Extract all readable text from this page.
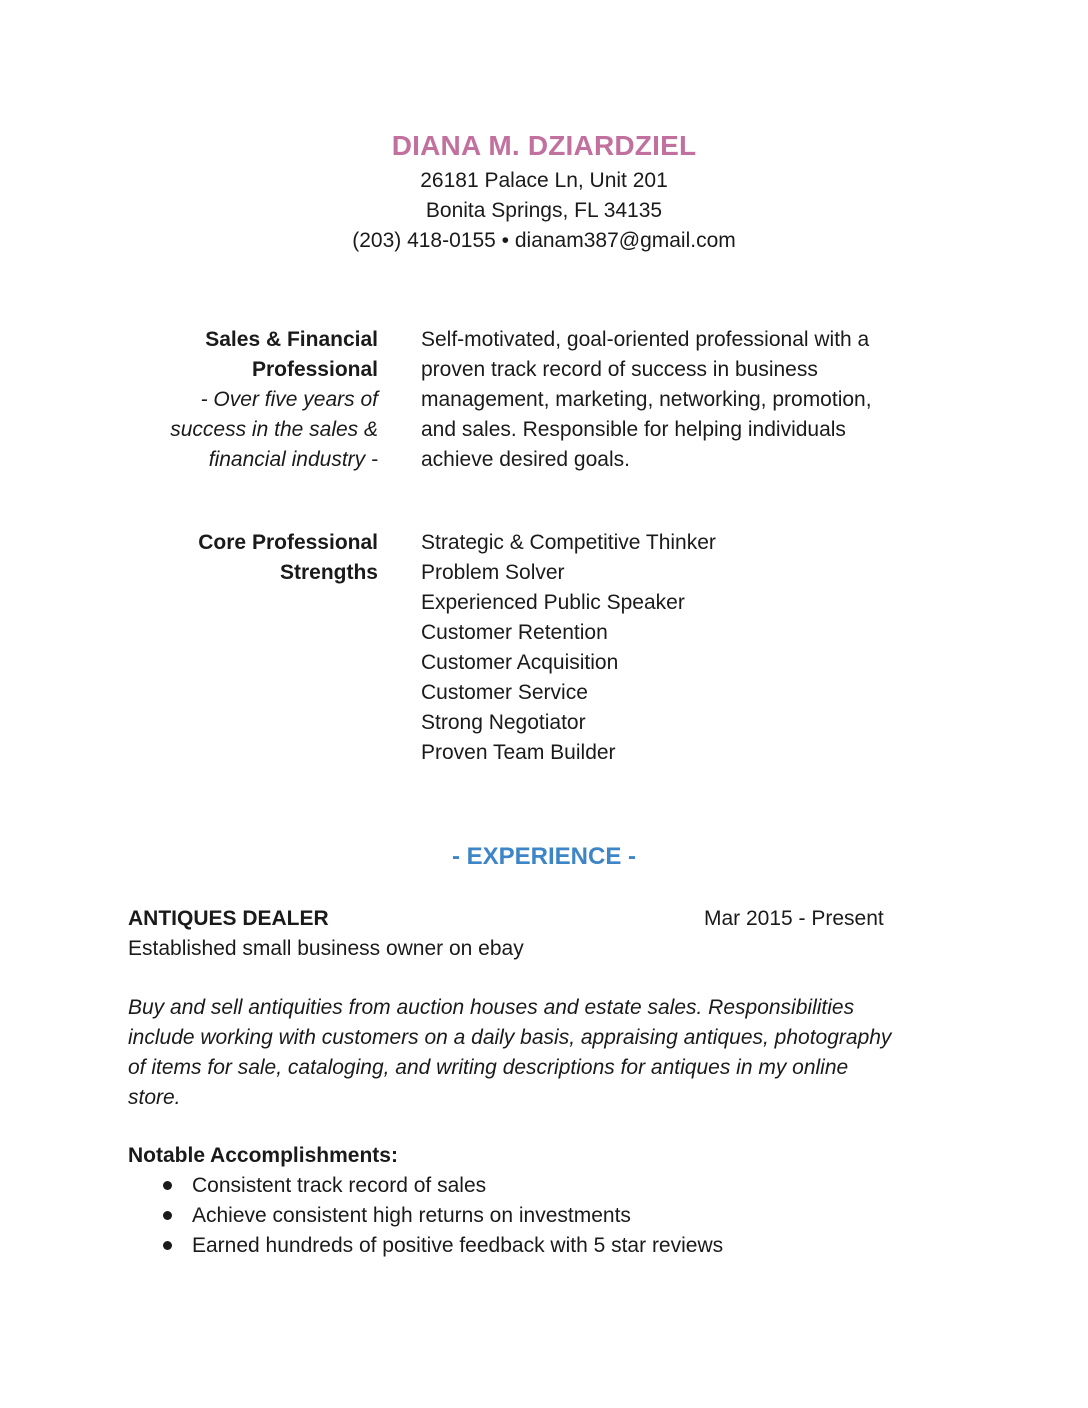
DIANA M. DZIARDZIEL
26181 Palace Ln, Unit 201
Bonita Springs, FL 34135
(203) 418-0155 • dianam387@gmail.com
Sales & Financial
Professional
- Over five years of
success in the sales &
financial industry -
Self-motivated, goal-oriented professional with a
proven track record of success in business
management, marketing, networking, promotion,
and sales. Responsible for helping individuals
achieve desired goals.
Core Professional
Strengths
Strategic & Competitive Thinker
Problem Solver
Experienced Public Speaker
Customer Retention
Customer Acquisition
Customer Service
Strong Negotiator
Proven Team Builder
- EXPERIENCE -
ANTIQUES DEALER	Mar 2015 - Present
Established small business owner on ebay
Buy and sell antiquities from auction houses and estate sales. Responsibilities
include working with customers on a daily basis, appraising antiques, photography
of items for sale, cataloging, and writing descriptions for antiques in my online
store.
Notable Accomplishments:
Consistent track record of sales
Achieve consistent high returns on investments
Earned hundreds of positive feedback with 5 star reviews
